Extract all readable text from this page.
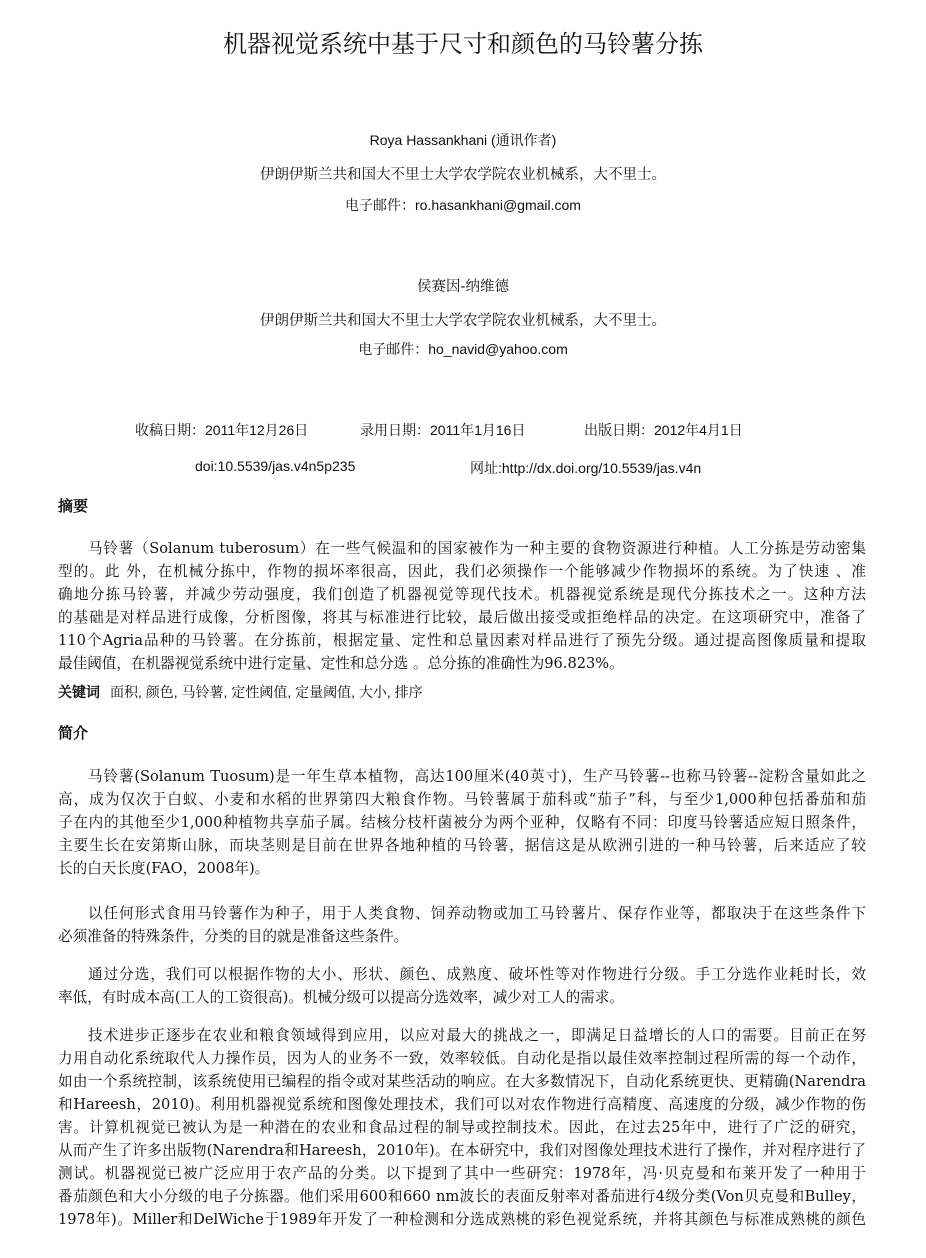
机器视觉系统中基于尺寸和颜色的马铃薯分拣
Roya Hassankhani (通讯作者)
伊朗伊斯兰共和国大不里士大学农学院农业机械系，大不里士。
电子邮件：ro.hasankhani@gmail.com
侯赛因-纳维德
伊朗伊斯兰共和国大不里士大学农学院农业机械系，大不里士。
电子邮件：ho_navid@yahoo.com
收稿日期：2011年12月26日	录用日期：2011年1月16日	出版日期：2012年4月1日
doi:10.5539/jas.v4n5p235	网址:http://dx.doi.org/10.5539/jas.v4n
摘要
马铃薯（Solanum tuberosum）在一些气候温和的国家被作为一种主要的食物资源进行种植。人工分拣是劳动密集
型的。此 外，在机械分拣中，作物的损坏率很高，因此，我们必须操作一个能够减少作物损坏的系统。为了快速 、准
确地分拣马铃薯，并减少劳动强度，我们创造了机器视觉等现代技术。机器视觉系统是现代分拣技术之一。这种方法
的基础是对样品进行成像，分析图像，将其与标准进行比较，最后做出接受或拒绝样品的决定。在这项研究中，准备了
110个Agria品种的马铃薯。在分拣前，根据定量、定性和总量因素对样品进行了预先分级。通过提高图像质量和提取
最佳阈值，在机器视觉系统中进行定量、定性和总分选 。总分拣的准确性为96.823%。
关键词 面积, 颜色, 马铃薯, 定性阈值, 定量阈值, 大小, 排序
简介
马铃薯(Solanum Tuosum)是一年生草本植物，高达100厘米(40英寸)，生产马铃薯--也称马铃薯--淀粉含量如此之
高，成为仅次于白蚁、小麦和水稻的世界第四大粮食作物。马铃薯属于茄科或“茄子”科，与至少1,000种包括番茄和茄
子在内的其他至少1,000种植物共享茄子属。结核分枝杆菌被分为两个亚种，仅略有不同：印度马铃薯适应短日照条件，
主要生长在安第斯山脉，而块茎则是目前在世界各地种植的马铃薯，据信这是从欧洲引进的一种马铃薯，后来适应了较
长的白天长度(FAO，2008年)。
以任何形式食用马铃薯作为种子，用于人类食物、饲养动物或加工马铃薯片、保存作业等，都取决于在这些条件下
必须准备的特殊条件，分类的目的就是准备这些条件。
通过分选，我们可以根据作物的大小、形状、颜色、成熟度、破坏性等对作物进行分级。手工分选作业耗时长，效
率低，有时成本高(工人的工资很高)。机械分级可以提高分选效率，减少对工人的需求。
技术进步正逐步在农业和粮食领域得到应用，以应对最大的挑战之一，即满足日益增长的人口的需要。目前正在努
力用自动化系统取代人力操作员，因为人的业务不一致，效率较低。自动化是指以最佳效率控制过程所需的每一个动作，
如由一个系统控制，该系统使用已编程的指令或对某些活动的响应。在大多数情况下，自动化系统更快、更精确(Narendra
和Hareesh，2010)。利用机器视觉系统和图像处理技术，我们可以对农作物进行高精度、高速度的分级，减少作物的伤
害。计算机视觉已被认为是一种潜在的农业和食品过程的制导或控制技术。因此，在过去25年中，进行了广泛的研究，
从而产生了许多出版物(Narendra和Hareesh，2010年)。在本研究中，我们对图像处理技术进行了操作，并对程序进行了
测试。机器视觉已被广泛应用于农产品的分类。以下提到了其中一些研究：1978年，冯·贝克曼和布莱开发了一种用于
番茄颜色和大小分级的电子分拣器。他们采用600和660 nm波长的表面反射率对番茄进行4级分类(Von贝克曼和Bulley，
1978年)。Miller和DelWiche于1989年开发了一种检测和分选成熟桃的彩色视觉系统，并将其颜色与标准成熟桃的颜色
